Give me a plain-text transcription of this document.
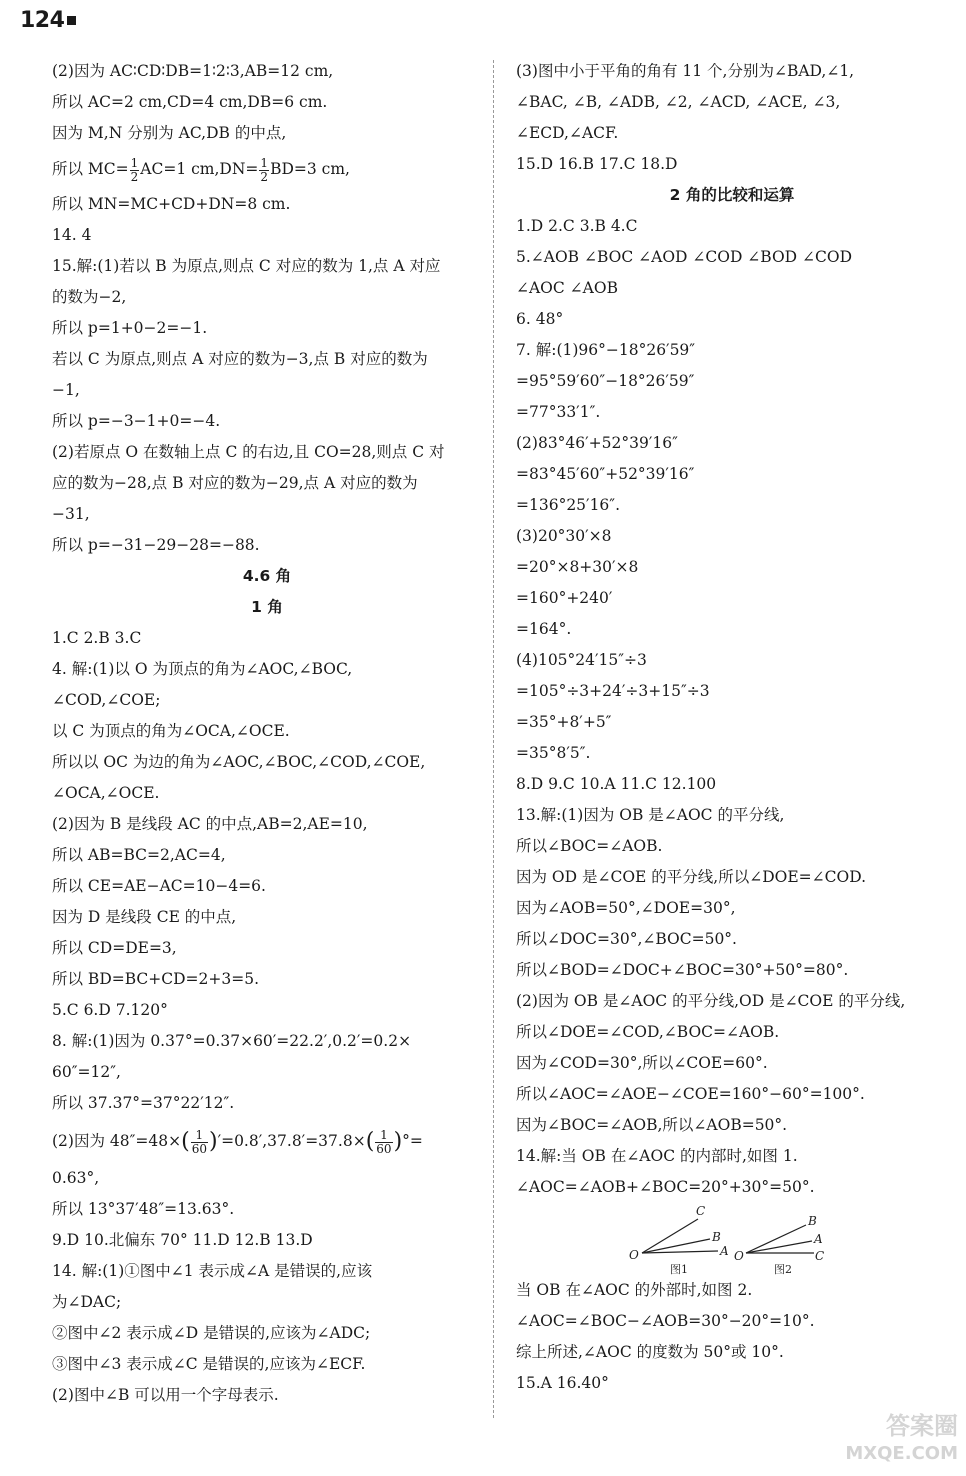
124
(2)因为 AC∶CD∶DB=1∶2∶3,AB=12 cm,
所以 AC=2 cm,CD=4 cm,DB=6 cm.
因为 M,N 分别为 AC,DB 的中点,
所以 $MC= \frac{1}{2} AC=1$ $cm,DN= \frac{1}{2} BD=3$ cm,
所以 MN=MC+CD+DN=8 cm.
14. 4
15.解:(1)若以 B 为原点,则点 C 对应的数为 1,点 A 对应
的数为−2,
所以 p=1+0−2=−1.
若以 C 为原点,则点 A 对应的数为−3,点 B 对应的数为
−1,
所以 p=−3−1+0=−4.
(2)若原点 O 在数轴上点 C 的右边,且 CO=28,则点 C 对
应的数为−28,点 B 对应的数为−29,点 A 对应的数为
−31,
所以 p=−31−29−28=−88.
4.6 角
1 角
1.C 2.B 3.C
4. 解:(1)以 O 为顶点的角为∠AOC,∠BOC,
∠COD,∠COE;
以 C 为顶点的角为∠OCA,∠OCE.
所以以 OC 为边的角为∠AOC,∠BOC,∠COD,∠COE,
∠OCA,∠OCE.
(2)因为 B 是线段 AC 的中点,AB=2,AE=10,
所以 AB=BC=2,AC=4,
所以 CE=AE−AC=10−4=6.
因为 D 是线段 CE 的中点,
所以 CD=DE=3,
所以 BD=BC+CD=2+3=5.
5.C 6.D 7.120°
8. 解:(1)因为 0.37°=0.37×60′=22.2′,0.2′=0.2×
60″=12″,
所以 37.37°=37°22′12″.
(2)因为 $48''=48\times( \frac{1}{60} )'=0.8',37.8'=37.8\times( \frac{1}{60}$ )°=
0.63°,
所以 13°37′48″=13.63°.
9.D 10.北偏东 70° 11.D 12.B 13.D
14. 解:(1)①图中∠1 表示成∠A 是错误的,应该
为∠DAC;
②图中∠2 表示成∠D 是错误的,应该为∠ADC;
③图中∠3 表示成∠C 是错误的,应该为∠ECF.
(2)图中∠B 可以用一个字母表示.
(3)图中小于平角的角有 11 个,分别为∠BAD,∠1,
∠BAC, ∠B, ∠ADB, ∠2, ∠ACD, ∠ACE, ∠3,
∠ECD,∠ACF.
15.D 16.B 17.C 18.D
2 角的比较和运算
1.D 2.C 3.B 4.C
5.∠AOB ∠BOC ∠AOD ∠COD ∠BOD ∠COD
∠AOC ∠AOB
6. 48°
7. 解:(1)96°−18°26′59″
=95°59′60″−18°26′59″
=77°33′1″.
(2)83°46′+52°39′16″
=83°45′60″+52°39′16″
=136°25′16″.
(3)20°30′×8
=20°×8+30′×8
=160°+240′
=164°.
(4)105°24′15″÷3
=105°÷3+24′÷3+15″÷3
=35°+8′+5″
=35°8′5″.
8.D 9.C 10.A 11.C 12.100
13.解:(1)因为 OB 是∠AOC 的平分线,
所以∠BOC=∠AOB.
因为 OD 是∠COE 的平分线,所以∠DOE=∠COD.
因为∠AOB=50°,∠DOE=30°,
所以∠DOC=30°,∠BOC=50°.
所以∠BOD=∠DOC+∠BOC=30°+50°=80°.
(2)因为 OB 是∠AOC 的平分线,OD 是∠COE 的平分线,
所以∠DOE=∠COD,∠BOC=∠AOB.
因为∠COD=30°,所以∠COE=60°.
所以∠AOC=∠AOE−∠COE=160°−60°=100°.
因为∠BOC=∠AOB,所以∠AOB=50°.
14.解:当 OB 在∠AOC 的内部时,如图 1.
∠AOC=∠AOB+∠BOC=20°+30°=50°.
C
B
O	A
图1
B
A
O	C
图2
当 OB 在∠AOC 的外部时,如图 2.
∠AOC=∠BOC−∠AOB=30°−20°=10°.
综上所述,∠AOC 的度数为 50°或 10°.
15.A 16.40°
答案圈
MXQE.COM
